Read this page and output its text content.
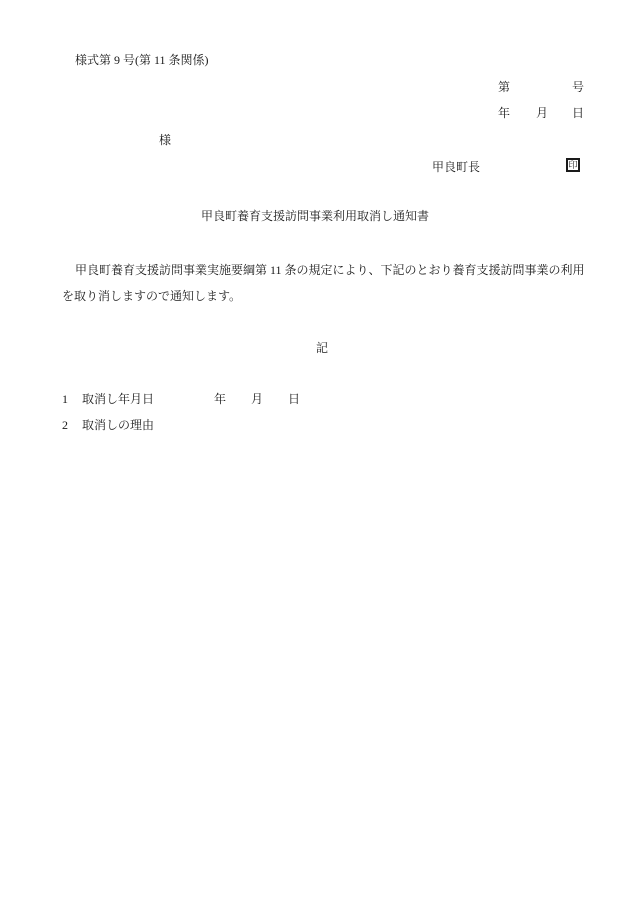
様式第 9 号(第 11 条関係)
第	号
年 月 日
様
甲良町長	印
甲良町養育支援訪問事業利用取消し通知書
甲良町養育支援訪問事業実施要綱第 11 条の規定により、下記のとおり養育支援訪問事業の利用
を取り消しますので通知します。
記
1 取消し年月日	年 月 日
2 取消しの理由
